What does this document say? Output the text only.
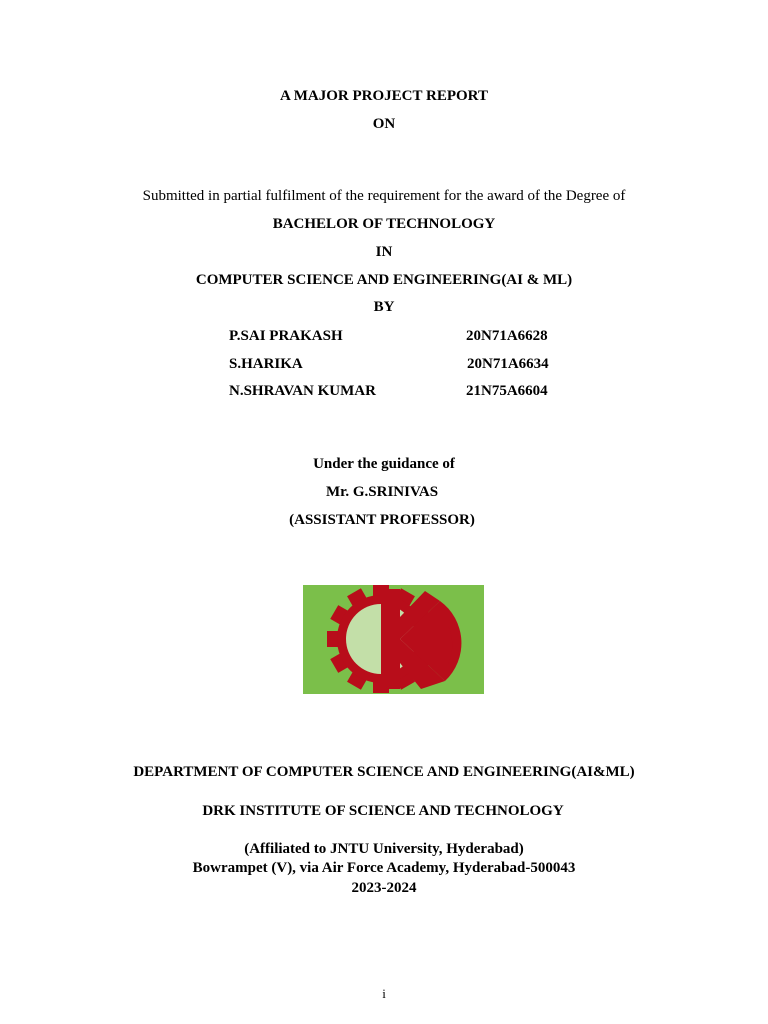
A MAJOR PROJECT REPORT
ON
Submitted in partial fulfilment of the requirement for the award of the Degree of
BACHELOR OF TECHNOLOGY
IN
COMPUTER SCIENCE AND ENGINEERING(AI & ML)
BY
P.SAI PRAKASH	20N71A6628
S.HARIKA	20N71A6634
N.SHRAVAN KUMAR	21N75A6604
Under the guidance of
Mr. G.SRINIVAS
(ASSISTANT PROFESSOR)
DEPARTMENT OF COMPUTER SCIENCE AND ENGINEERING(AI&ML)
DRK INSTITUTE OF SCIENCE AND TECHNOLOGY
(Affiliated to JNTU University, Hyderabad)
Bowrampet (V), via Air Force Academy, Hyderabad-500043
2023-2024
i
